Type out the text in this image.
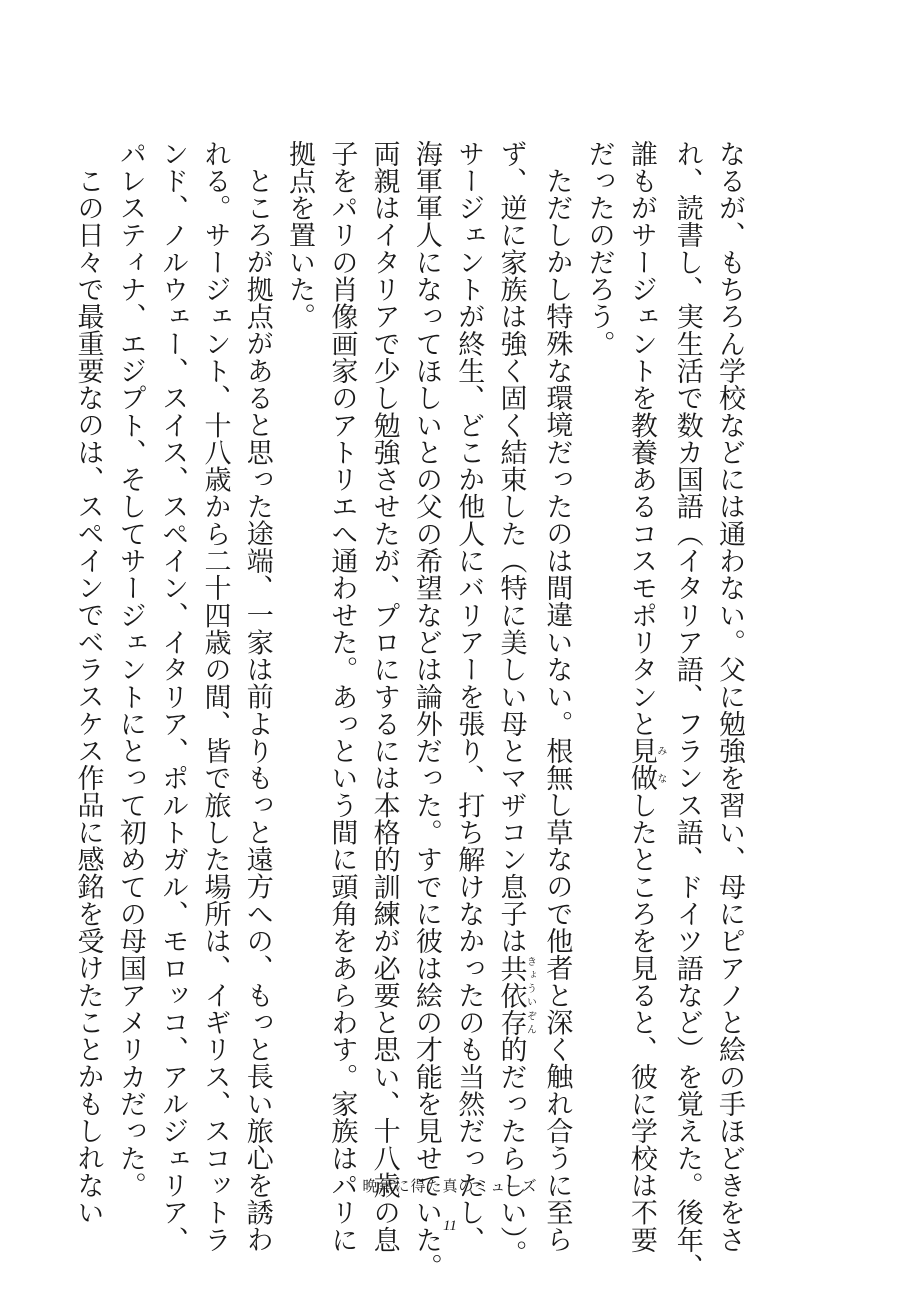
なるが、もちろん学校などには通わない。父に勉強を習い、母にピアノと絵の手ほどきをさ
れ、読書し、実生活で数カ国語（イタリア語、フランス語、ドイツ語など）を覚えた。後年、
誰もがサージェントを教養あるコスモポリタンと見做みなしたところを見ると、彼に学校は不要
だったのだろう。
ただしかし特殊な環境だったのは間違いない。根無し草なので他者と深く触れ合うに至ら
ず、逆に家族は強く固く結束した（特に美しい母とマザコン息子は共依存きょういぞん的だったらしい）。
サージェントが終生、どこか他人にバリアーを張り、打ち解けなかったのも当然だったし、
海軍軍人になってほしいとの父の希望などは論外だった。すでに彼は絵の才能を見せていた。
両親はイタリアで少し勉強させたが、プロにするには本格的訓練が必要と思い、十八歳の息
子をパリの肖像画家のアトリエへ通わせた。あっという間に頭角をあらわす。家族はパリに
拠点を置いた。
ところが拠点があると思った途端、一家は前よりもっと遠方への、もっと長い旅心を誘わ
れる。サージェント、十八歳から二十四歳の間、皆で旅した場所は、イギリス、スコットラ
ンド、ノルウェー、スイス、スペイン、イタリア、ポルトガル、モロッコ、アルジェリア、
パレスティナ、エジプト、そしてサージェントにとって初めての母国アメリカだった。
この日々で最重要なのは、スペインでベラスケス作品に感銘を受けたことかもしれない	晩年に得た真のミューズ
11
